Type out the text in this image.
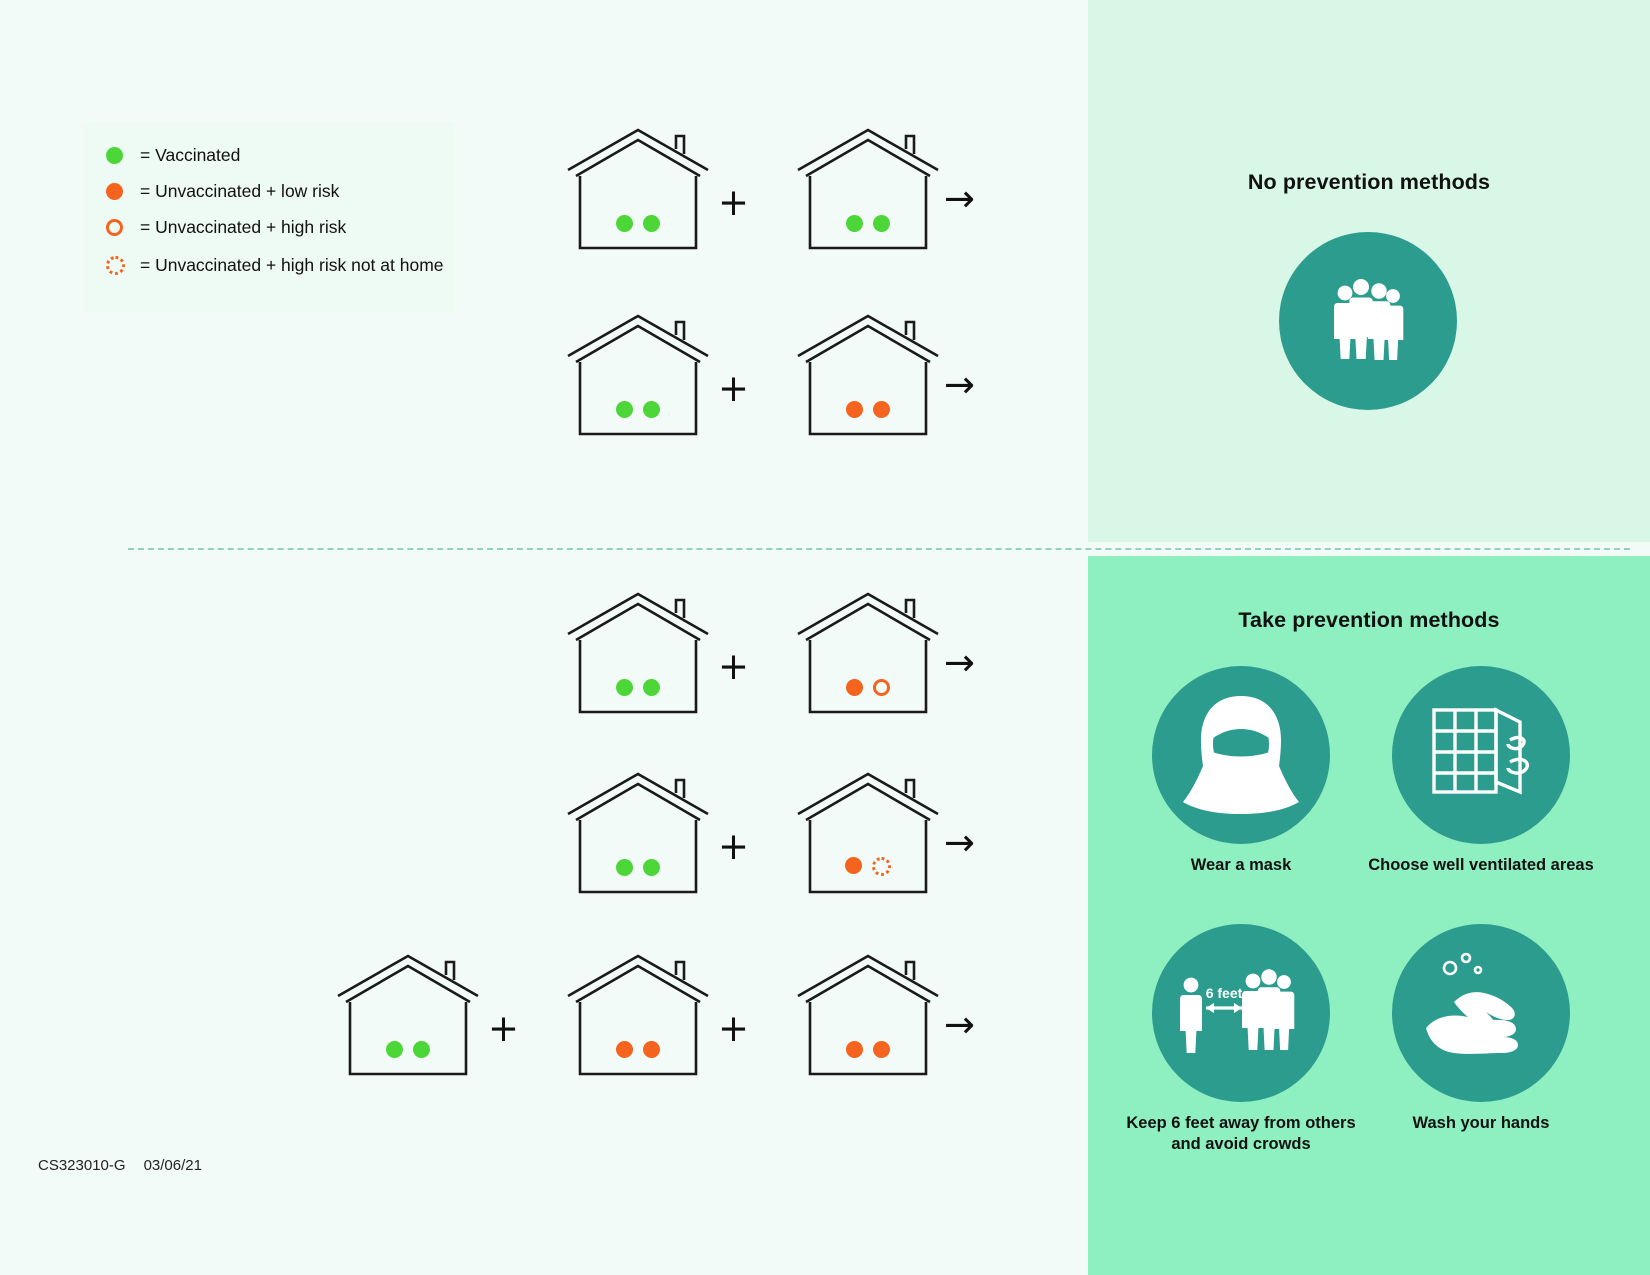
No prevention methods
Take prevention methods
Wear a mask	Choose well ventilated areas
6 feet
Keep 6 feet away from others and avoid crowds
Wash your hands
= Vaccinated
= Unvaccinated + low risk
= Unvaccinated + high risk
= Unvaccinated + high risk not at home
+	→
+	→
+	→
+	→
+	+	→
CS323010-G 03/06/21
